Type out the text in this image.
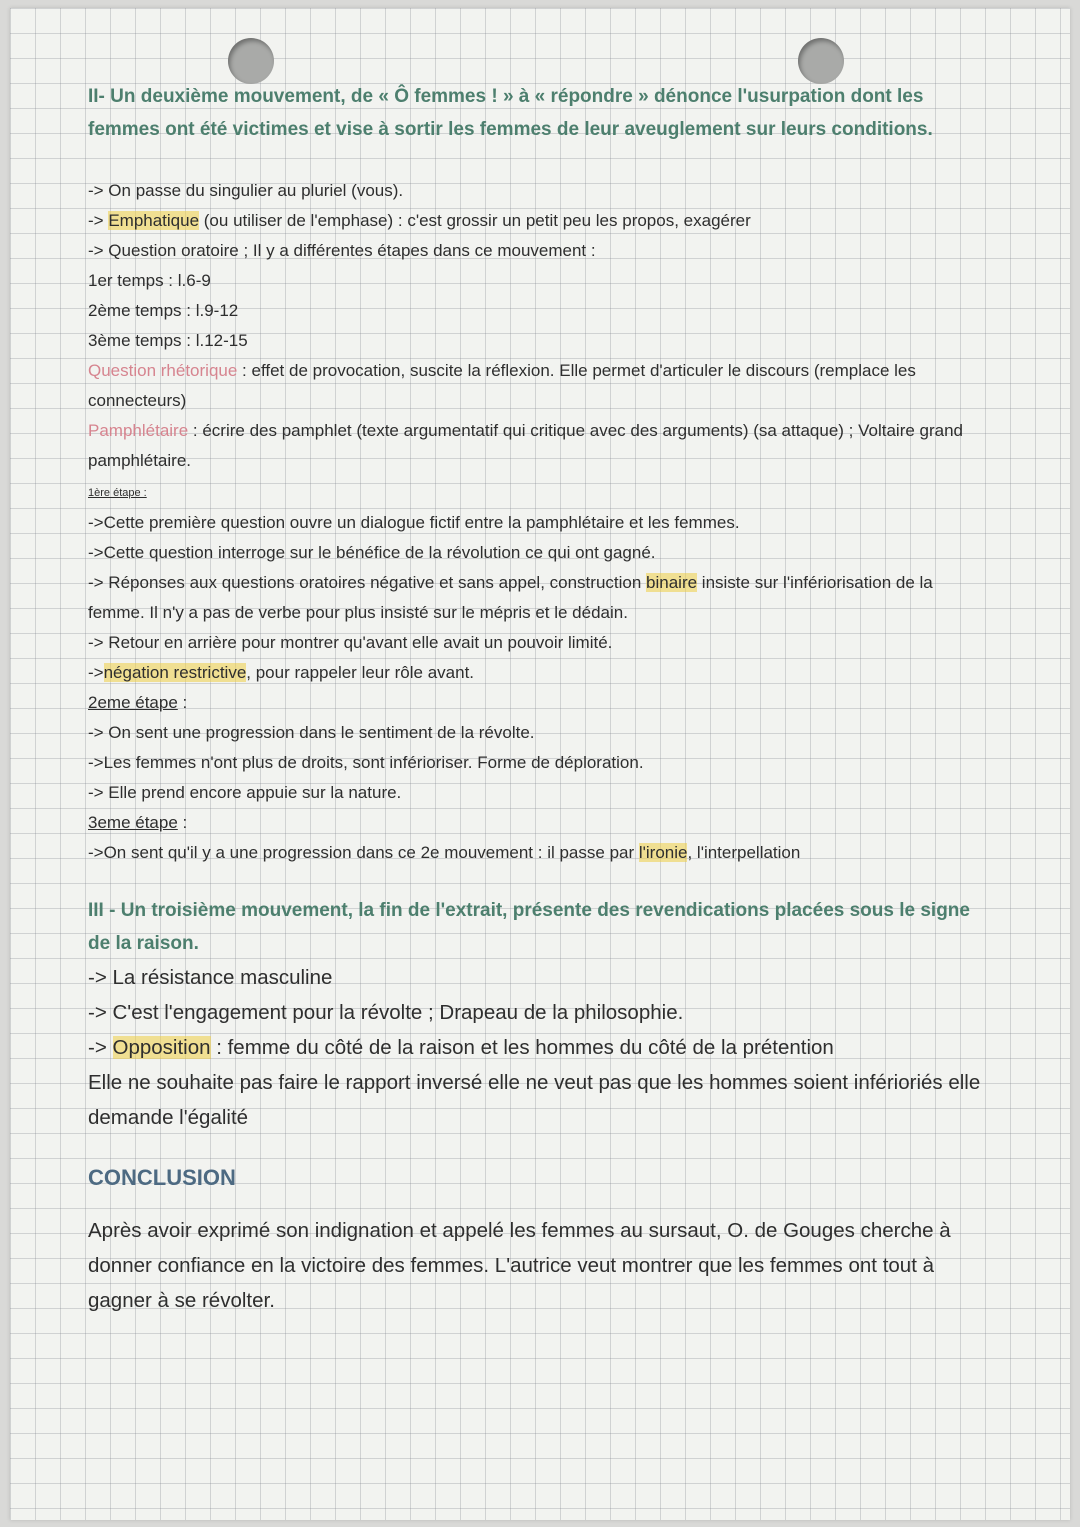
II- Un deuxième mouvement, de « Ô femmes ! » à « répondre » dénonce l'usurpation dont les femmes ont été victimes et vise à sortir les femmes de leur aveuglement sur leurs conditions.

-> On passe du singulier au pluriel (vous).

-> Emphatique (ou utiliser de l'emphase) : c'est grossir un petit peu les propos, exagérer

-> Question oratoire ; Il y a différentes étapes dans ce mouvement :

1er temps : l.6-9

2ème temps : l.9-12

3ème temps : l.12-15

Question rhétorique : effet de provocation, suscite la réflexion. Elle permet d'articuler le discours (remplace les connecteurs)

Pamphlétaire : écrire des pamphlet (texte argumentatif qui critique avec des arguments) (sa attaque) ; Voltaire grand pamphlétaire.

1ère étape :

->Cette première question ouvre un dialogue fictif entre la pamphlétaire et les femmes.

->Cette question interroge sur le bénéfice de la révolution ce qui ont gagné.

-> Réponses aux questions oratoires négative et sans appel, construction binaire insiste sur l'infériorisation de la femme. Il n'y a pas de verbe pour plus insisté sur le mépris et le dédain.

-> Retour en arrière pour montrer qu'avant elle avait un pouvoir limité.

->négation restrictive, pour rappeler leur rôle avant.

2eme étape :

-> On sent une progression dans le sentiment de la révolte.

->Les femmes n'ont plus de droits, sont inférioriser. Forme de déploration.

-> Elle prend encore appuie sur la nature.

3eme étape :

->On sent qu'il y a une progression dans ce 2e mouvement : il passe par l'ironie, l'interpellation

III - Un troisième mouvement, la fin de l'extrait, présente des revendications placées sous le signe de la raison.

-> La résistance masculine

-> C'est l'engagement pour la révolte ; Drapeau de la philosophie.

-> Opposition : femme du côté de la raison et les hommes du côté de la prétention

Elle ne souhaite pas faire le rapport inversé elle ne veut pas que les hommes soient inférioriés elle demande l'égalité

CONCLUSION

Après avoir exprimé son indignation et appelé les femmes au sursaut, O. de Gouges cherche à donner confiance en la victoire des femmes. L'autrice veut montrer que les femmes ont tout à gagner à se révolter.
